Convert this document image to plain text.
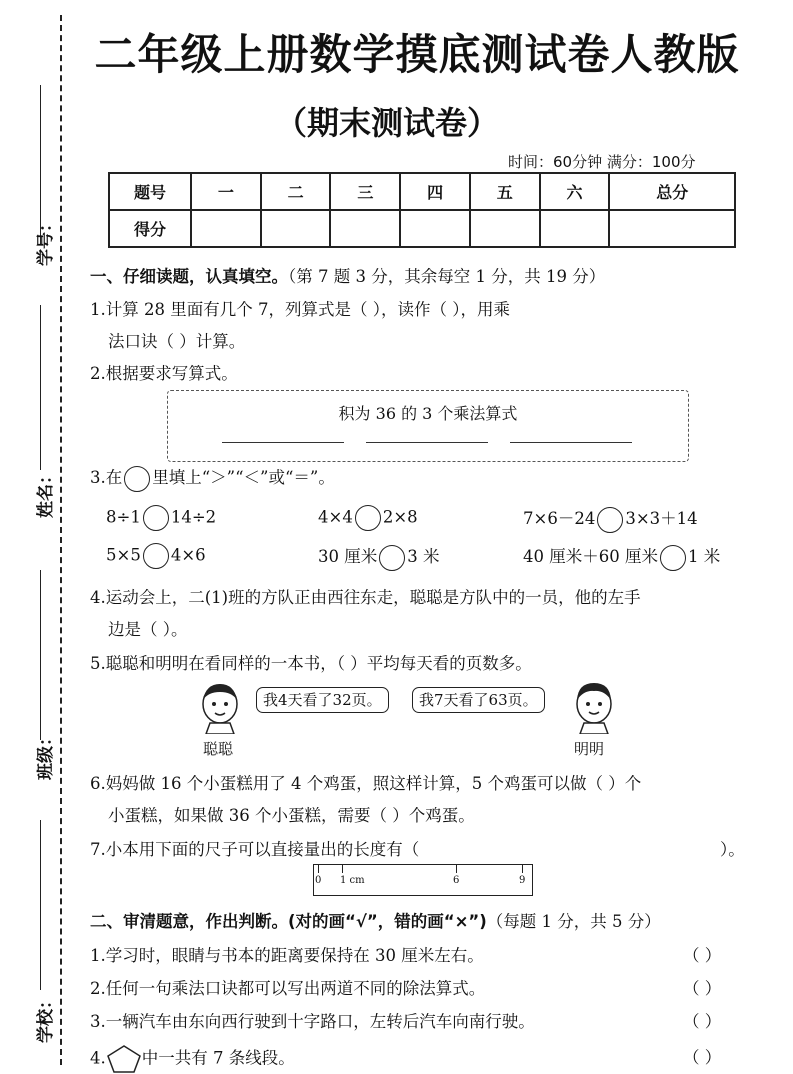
学号：
姓名：
班级：
学校：
二年级上册数学摸底测试卷人教版
（期末测试卷）
时间：60分钟 满分：100分
题号	一	二	三	四	五	六	总分
得分							
一、仔细读题，认真填空。（第 7 题 3 分，其余每空 1 分，共 19 分）
1.计算 28 里面有几个 7，列算式是（ ），读作（ ），用乘
法口诀（ ）计算。
2.根据要求写算式。
积为 36 的 3 个乘法算式
3.在 里填上“＞”“＜”或“＝”。
8÷1 14÷2	4×4 2×8	7×6－24 3×3＋14
5×5 4×6	30 厘米 3 米	40 厘米＋60 厘米 1 米
4.运动会上，二(1)班的方队正由西往东走，聪聪是方队中的一员，他的左手
边是（ ）。
5.聪聪和明明在看同样的一本书，（ ）平均每天看的页数多。
我4天看了32页。	我7天看了63页。
聪聪	明明
6.妈妈做 16 个小蛋糕用了 4 个鸡蛋，照这样计算，5 个鸡蛋可以做（ ）个
小蛋糕，如果做 36 个小蛋糕，需要（ ）个鸡蛋。
7.小本用下面的尺子可以直接量出的长度有（	）。
0 1 cm	6	9
二、审清题意，作出判断。(对的画“√”，错的画“×”)（每题 1 分，共 5 分）
1.学习时，眼睛与书本的距离要保持在 30 厘米左右。	（ ）
2.任何一句乘法口诀都可以写出两道不同的除法算式。	（ ）
3.一辆汽车由东向西行驶到十字路口，左转后汽车向南行驶。	（ ）
4. 中一共有 7 条线段。	（ ）
